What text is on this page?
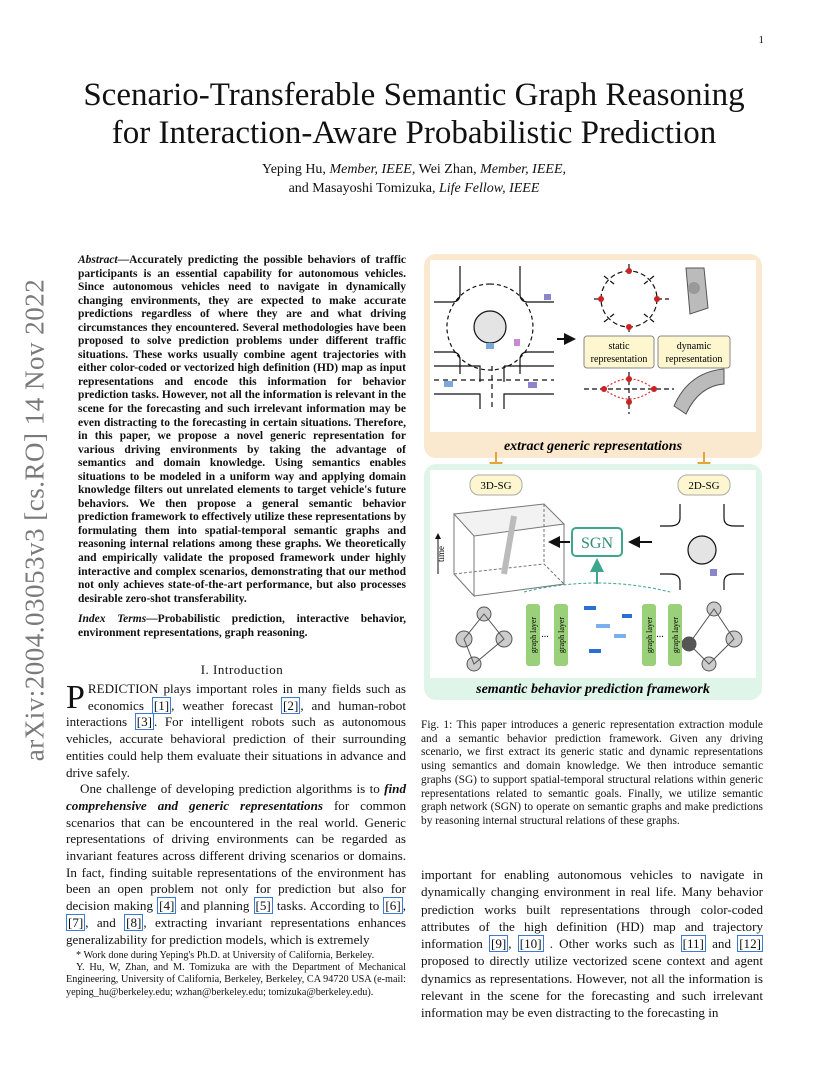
1
arXiv:2004.03053v3 [cs.RO] 14 Nov 2022
Scenario-Transferable Semantic Graph Reasoning
for Interaction-Aware Probabilistic Prediction
Yeping Hu, Member, IEEE, Wei Zhan, Member, IEEE,
and Masayoshi Tomizuka, Life Fellow, IEEE
Abstract—Accurately predicting the possible behaviors of traffic participants is an essential capability for autonomous vehicles. Since autonomous vehicles need to navigate in dynamically changing environments, they are expected to make accurate predictions regardless of where they are and what driving circumstances they encountered. Several methodologies have been proposed to solve prediction problems under different traffic situations. These works usually combine agent trajectories with either color-coded or vectorized high definition (HD) map as input representations and encode this information for behavior prediction tasks. However, not all the information is relevant in the scene for the forecasting and such irrelevant information may be even distracting to the forecasting in certain situations. Therefore, in this paper, we propose a novel generic representation for various driving environments by taking the advantage of semantics and domain knowledge. Using semantics enables situations to be modeled in a uniform way and applying domain knowledge filters out unrelated elements to target vehicle's future behaviors. We then propose a general semantic behavior prediction framework to effectively utilize these representations by formulating them into spatial-temporal semantic graphs and reasoning internal relations among these graphs. We theoretically and empirically validate the proposed framework under highly interactive and complex scenarios, demonstrating that our method not only achieves state-of-the-art performance, but also processes desirable zero-shot transferability.
Index Terms—Probabilistic prediction, interactive behavior, environment representations, graph reasoning.
I. Introduction

PREDICTION plays important roles in many fields such as economics [1] , weather forecast [2] , and human-robot interactions [3] . For intelligent robots such as autonomous vehicles, accurate behavioral prediction of their surrounding entities could help them evaluate their situations in advance and drive safely.

One challenge of developing prediction algorithms is to find comprehensive and generic representations for common scenarios that can be encountered in the real world. Generic representations of driving environments can be regarded as invariant features across different driving scenarios or domains. In fact, finding suitable representations of the environment has been an open problem not only for prediction but also for decision making [4] and planning [5] tasks. According to [6] , [7] , and [8] , extracting invariant representations enhances generalizability for prediction models, which is extremely

* Work done during Yeping's Ph.D. at University of California, Berkeley.

Y. Hu, W, Zhan, and M. Tomizuka are with the Department of Mechanical Engineering, University of California, Berkeley, Berkeley, CA 94720 USA (e-mail: yeping_hu@berkeley.edu; wzhan@berkeley.edu; tomizuka@berkeley.edu).

static
representation
dynamic
representation
extract generic representations
3D-SG	2D-SG
time
SGN
graph layer graph layer	graph layer graph layer
...	...
semantic behavior prediction framework
Fig. 1: This paper introduces a generic representation extraction module and a semantic behavior prediction framework. Given any driving scenario, we first extract its generic static and dynamic representations using semantics and domain knowledge. We then introduce semantic graphs (SG) to support spatial-temporal structural relations within generic representations related to semantic goals. Finally, we utilize semantic graph network (SGN) to operate on semantic graphs and make predictions by reasoning internal structural relations of these graphs.
important for enabling autonomous vehicles to navigate in dynamically changing environment in real life. Many behavior prediction works built representations through color-coded attributes of the high definition (HD) map and trajectory information [9] , [10] . Other works such as [11] and [12] proposed to directly utilize vectorized scene context and agent dynamics as representations. However, not all the information is relevant in the scene for the forecasting and such irrelevant information may be even distracting to the forecasting in
